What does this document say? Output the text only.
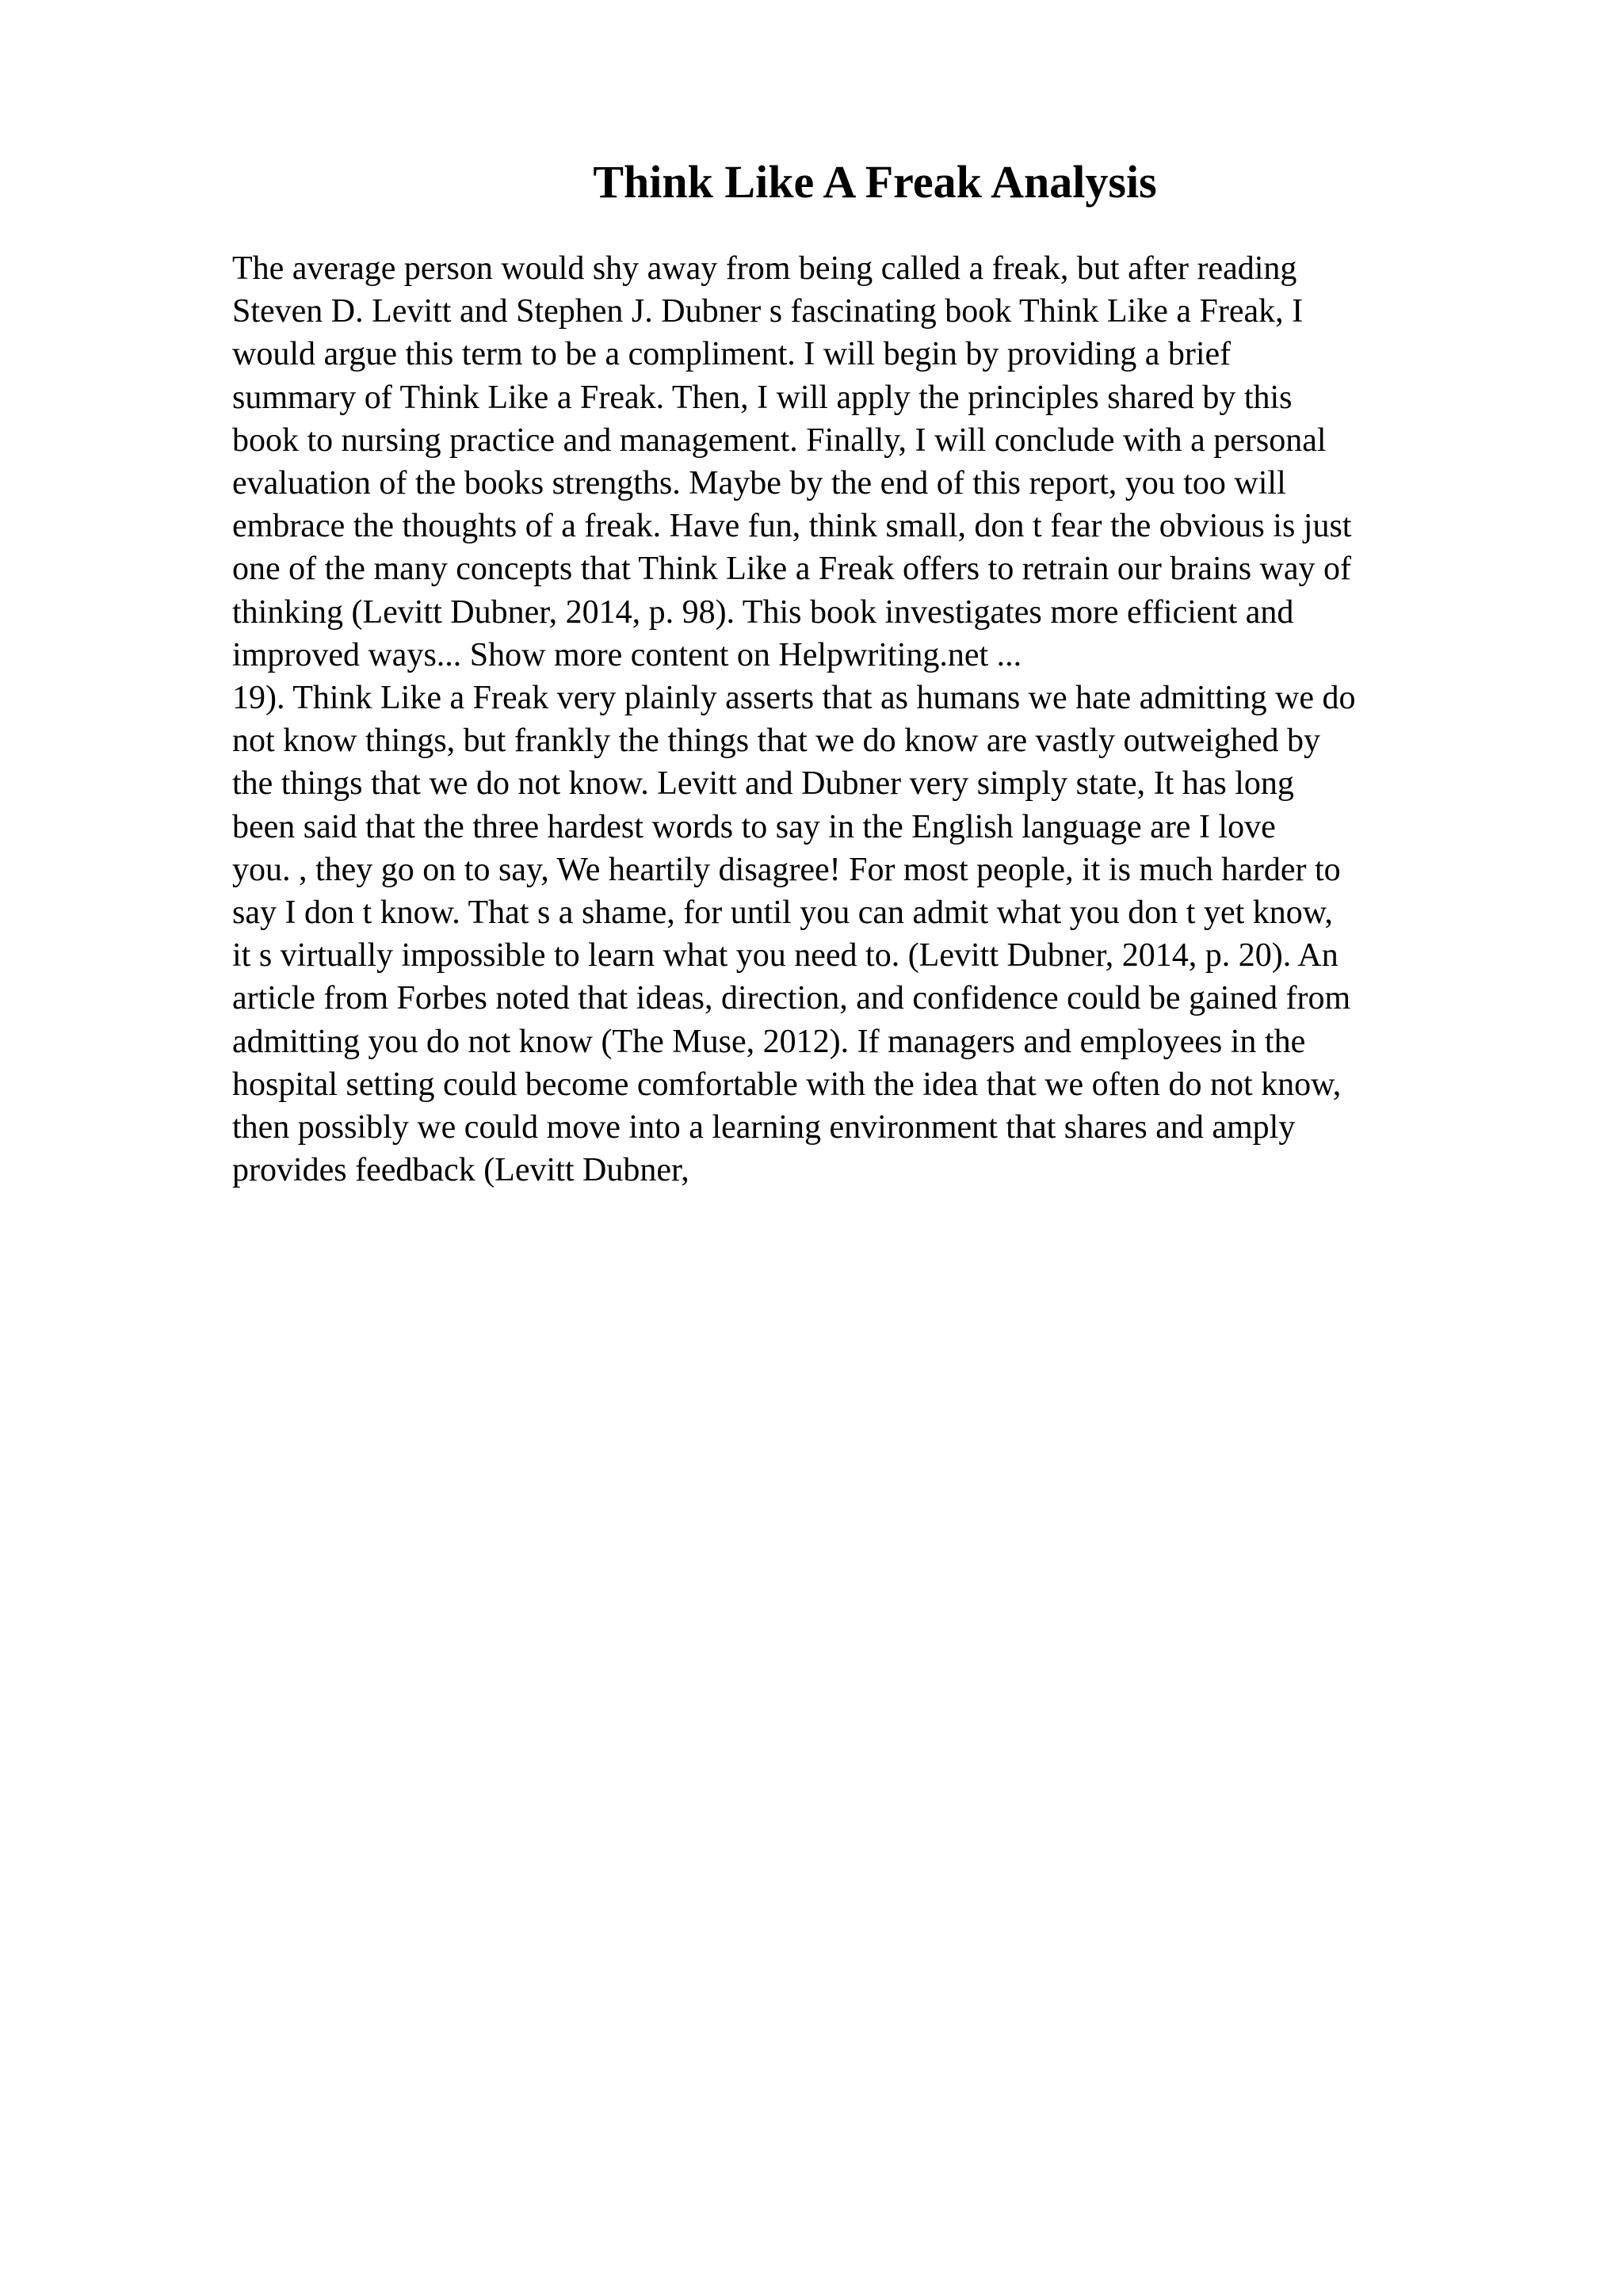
Think Like A Freak Analysis
The average person would shy away from being called a freak, but after reading
Steven D. Levitt and Stephen J. Dubner s fascinating book Think Like a Freak, I
would argue this term to be a compliment. I will begin by providing a brief
summary of Think Like a Freak. Then, I will apply the principles shared by this
book to nursing practice and management. Finally, I will conclude with a personal
evaluation of the books strengths. Maybe by the end of this report, you too will
embrace the thoughts of a freak. Have fun, think small, don t fear the obvious is just
one of the many concepts that Think Like a Freak offers to retrain our brains way of
thinking (Levitt Dubner, 2014, p. 98). This book investigates more efficient and
improved ways... Show more content on Helpwriting.net ...
19). Think Like a Freak very plainly asserts that as humans we hate admitting we do
not know things, but frankly the things that we do know are vastly outweighed by
the things that we do not know. Levitt and Dubner very simply state, It has long
been said that the three hardest words to say in the English language are I love
you. , they go on to say, We heartily disagree! For most people, it is much harder to
say I don t know. That s a shame, for until you can admit what you don t yet know,
it s virtually impossible to learn what you need to. (Levitt Dubner, 2014, p. 20). An
article from Forbes noted that ideas, direction, and confidence could be gained from
admitting you do not know (The Muse, 2012). If managers and employees in the
hospital setting could become comfortable with the idea that we often do not know,
then possibly we could move into a learning environment that shares and amply
provides feedback (Levitt Dubner,
